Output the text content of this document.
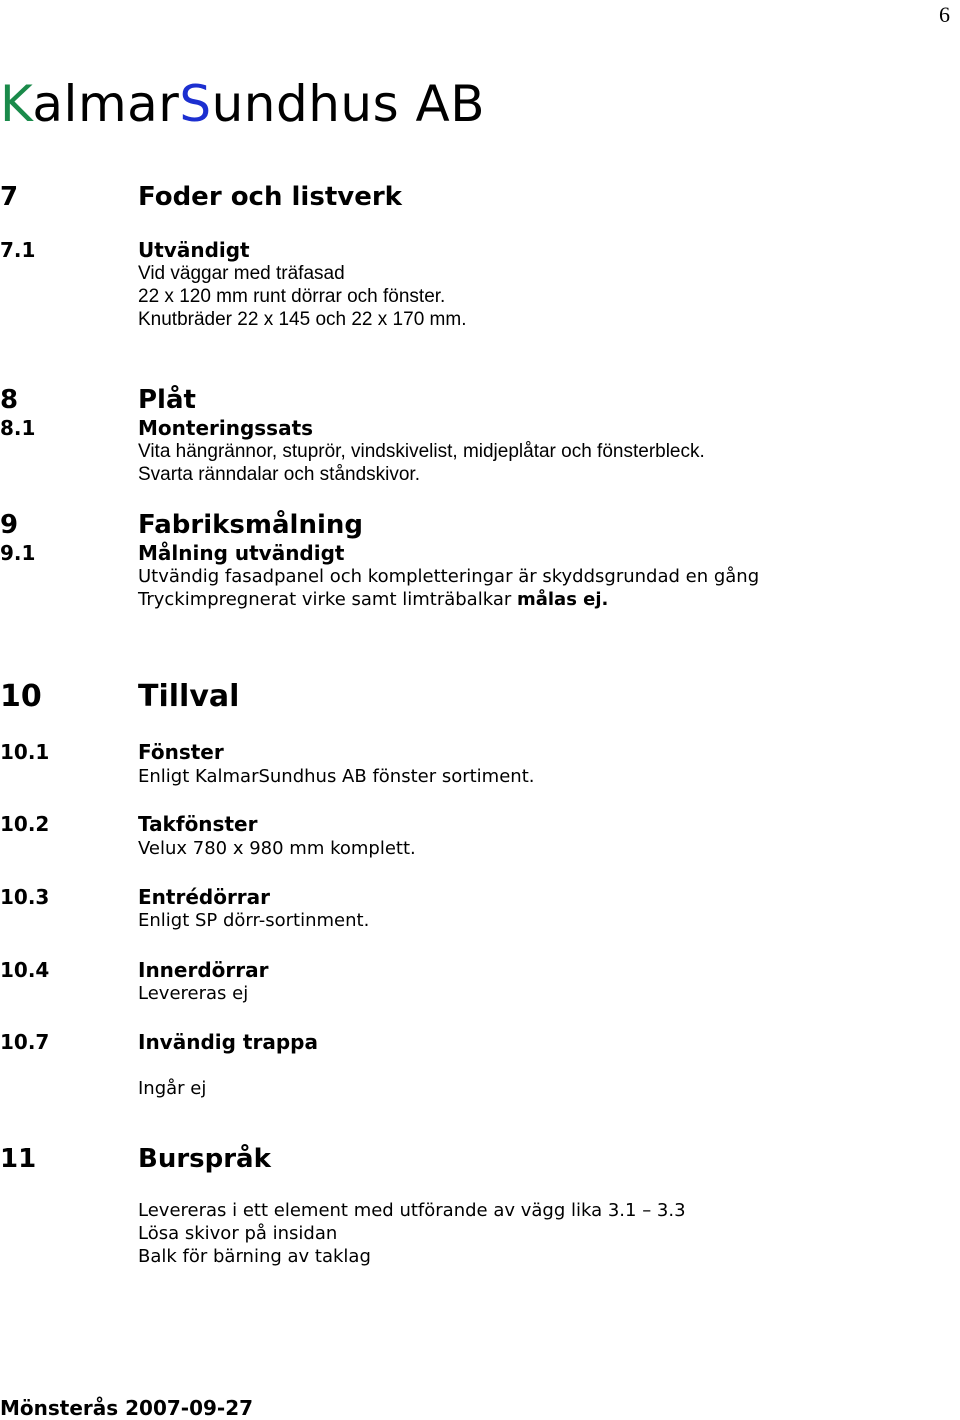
6
KalmarSundhus AB
7	Foder och listverk
7.1	Utvändigt
Vid väggar med träfasad
22 x 120 mm runt dörrar och fönster.
Knutbräder 22 x 145 och 22 x 170 mm.
8	Plåt
8.1	Monteringssats
Vita hängrännor, stuprör, vindskivelist, midjeplåtar och fönsterbleck.
Svarta ränndalar och ståndskivor.
9	Fabriksmålning
9.1	Målning utvändigt
Utvändig fasadpanel och kompletteringar är skyddsgrundad en gång
Tryckimpregnerat virke samt limträbalkar målas ej.
10	Tillval
10.1	Fönster
Enligt KalmarSundhus AB fönster sortiment.
10.2	Takfönster
Velux 780 x 980 mm komplett.
10.3	Entrédörrar
Enligt SP dörr-sortinment.
10.4	Innerdörrar
Levereras ej
10.7	Invändig trappa
Ingår ej
11	Burspråk
Levereras i ett element med utförande av vägg lika 3.1 – 3.3
Lösa skivor på insidan
Balk för bärning av taklag
Mönsterås 2007-09-27
